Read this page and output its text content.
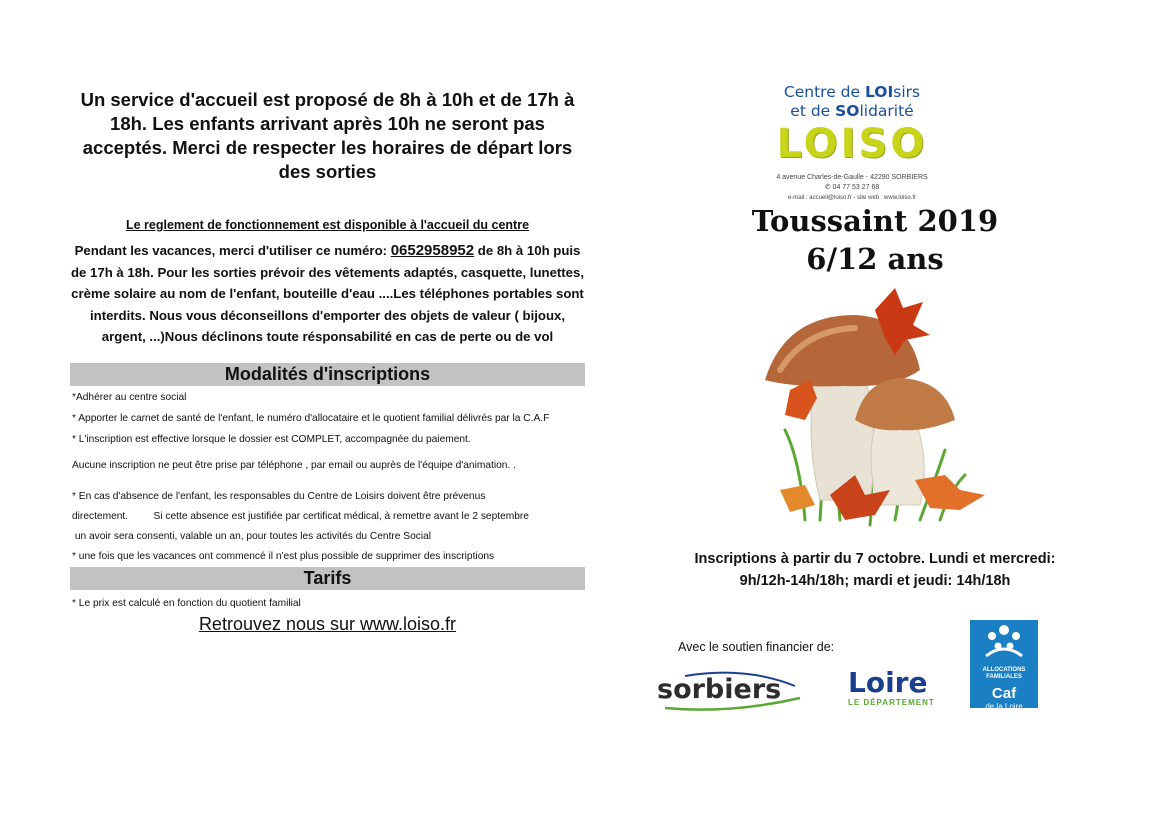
Un service d'accueil est proposé de 8h à 10h et de 17h à 18h. Les enfants arrivant après 10h ne seront pas acceptés. Merci de respecter les horaires de départ lors des sorties
Le reglement de fonctionnement est disponible à l'accueil du centre
Pendant les vacances, merci d'utiliser ce numéro: 0652958952 de 8h à 10h puis de 17h à 18h. Pour les sorties prévoir des vêtements adaptés, casquette, lunettes, crème solaire au nom de l'enfant, bouteille d'eau ....Les téléphones portables sont interdits. Nous vous déconseillons d'emporter des objets de valeur ( bijoux, argent, ...)Nous déclinons toute résponsabilité en cas de perte ou de vol
Modalités d'inscriptions
*Adhérer au centre social
* Apporter le carnet de santé de l'enfant, le numéro d'allocataire et le quotient familial délivrés par la C.A.F
* L'inscription est effective lorsque le dossier est COMPLET, accompagnée du paiement.
Aucune inscription ne peut être prise par téléphone , par email ou auprès de l'équipe d'animation. .
* En cas d'absence de l'enfant, les responsables du Centre de Loisirs doivent être prévenus
directement.         Si cette absence est justifiée par certificat médical, à remettre avant le 2 septembre
un avoir sera consenti, valable un an, pour toutes les activités du Centre Social
* une fois que les vacances ont commencé il n'est plus possible de supprimer des inscriptions
Tarifs
* Le prix est calculé en fonction du quotient familial
Retrouvez nous sur www.loiso.fr
Centre de LOIsirs
et de SOlidarité
LOISO
4 avenue Charles-de-Gaulle - 42290 SORBIERS
✆ 04 77 53 27 68
e-mail : accueil@loiso.fr - site web : www.loiso.fr
Toussaint 2019
6/12 ans
Inscriptions à partir du 7 octobre. Lundi et mercredi: 9h/12h-14h/18h; mardi et jeudi: 14h/18h
Avec le soutien financier de:
sorbiers Loire
LE DÉPARTEMENT
ALLOCATIONS FAMILIALES
Caf
de la Loire
